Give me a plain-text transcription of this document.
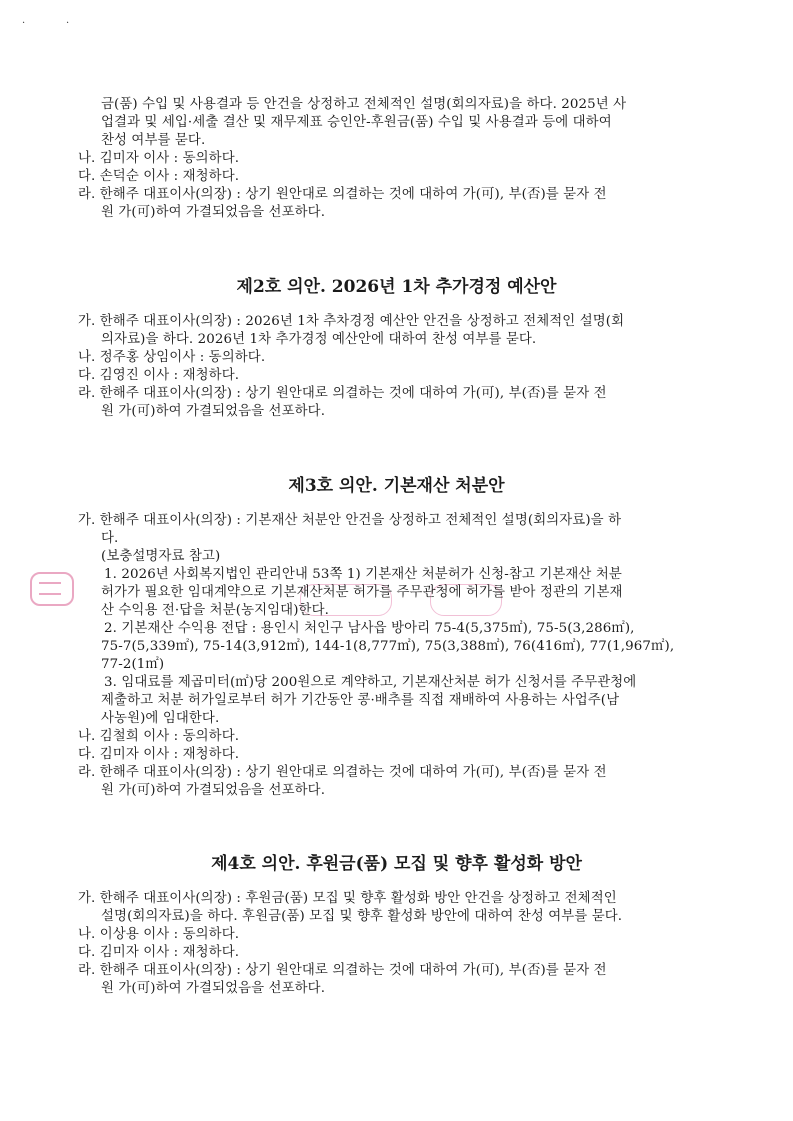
·	·
금(품) 수입 및 사용결과 등 안건을 상정하고 전체적인 설명(회의자료)을 하다. 2025년 사
업결과 및 세입·세출 결산 및 재무제표 승인안-후원금(품) 수입 및 사용결과 등에 대하여
찬성 여부를 묻다.
나. 김미자 이사 : 동의하다.
다. 손덕순 이사 : 재청하다.
라. 한해주 대표이사(의장) : 상기 원안대로 의결하는 것에 대하여 가(可), 부(否)를 묻자 전
원 가(可)하여 가결되었음을 선포하다.
제2호 의안. 2026년 1차 추가경정 예산안
가. 한해주 대표이사(의장) : 2026년 1차 추차경정 예산안 안건을 상정하고 전체적인 설명(회
의자료)을 하다. 2026년 1차 추가경정 예산안에 대하여 찬성 여부를 묻다.
나. 정주홍 상임이사 : 동의하다.
다. 김영진 이사 : 재청하다.
라. 한해주 대표이사(의장) : 상기 원안대로 의결하는 것에 대하여 가(可), 부(否)를 묻자 전
원 가(可)하여 가결되었음을 선포하다.
제3호 의안. 기본재산 처분안
가. 한해주 대표이사(의장) : 기본재산 처분안 안건을 상정하고 전체적인 설명(회의자료)을 하
다.
(보충설명자료 참고)
1. 2026년 사회복지법인 관리안내 53쪽 1) 기본재산 처분허가 신청-참고 기본재산 처분
허가가 필요한 임대계약으로 기본재산처분 허가를 주무관청에 허가를 받아 정관의 기본재
산 수익용 전·답을 처분(농지임대)한다.
2. 기본재산 수익용 전답 : 용인시 처인구 남사읍 방아리 75-4(5,375㎡), 75-5(3,286㎡),
75-7(5,339㎡), 75-14(3,912㎡), 144-1(8,777㎡), 75(3,388㎡), 76(416㎡), 77(1,967㎡),
77-2(1㎡)
3. 임대료를 제곱미터(㎡)당 200원으로 계약하고, 기본재산처분 허가 신청서를 주무관청에
제출하고 처분 허가일로부터 허가 기간동안 콩·배추를 직접 재배하여 사용하는 사업주(남
사농원)에 임대한다.
나. 김철희 이사 : 동의하다.
다. 김미자 이사 : 재청하다.
라. 한해주 대표이사(의장) : 상기 원안대로 의결하는 것에 대하여 가(可), 부(否)를 묻자 전
원 가(可)하여 가결되었음을 선포하다.
제4호 의안. 후원금(품) 모집 및 향후 활성화 방안
가. 한해주 대표이사(의장) : 후원금(품) 모집 및 향후 활성화 방안 안건을 상정하고 전체적인
설명(회의자료)을 하다. 후원금(품) 모집 및 향후 활성화 방안에 대하여 찬성 여부를 묻다.
나. 이상용 이사 : 동의하다.
다. 김미자 이사 : 재청하다.
라. 한해주 대표이사(의장) : 상기 원안대로 의결하는 것에 대하여 가(可), 부(否)를 묻자 전
원 가(可)하여 가결되었음을 선포하다.
